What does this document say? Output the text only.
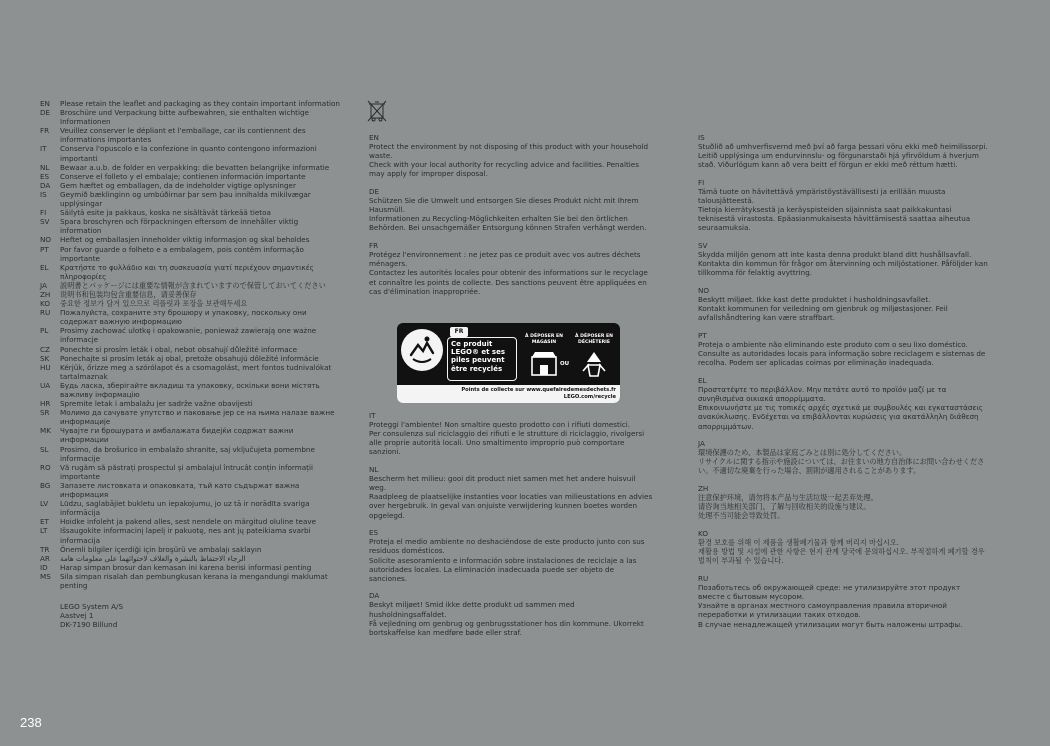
EN	Please retain the leaflet and packaging as they contain important information
DE	Broschüre und Verpackung bitte aufbewahren, sie enthalten wichtige Informationen
FR	Veuillez conserver le dépliant et l'emballage, car ils contiennent des informations importantes
IT	Conserva l'opuscolo e la confezione in quanto contengono informazioni importanti
NL	Bewaar a.u.b. de folder en verpakking: die bevatten belangrijke informatie
ES	Conserve el folleto y el embalaje; contienen información importante
DA	Gem hæftet og emballagen, da de indeholder vigtige oplysninger
IS	Geymið bæklinginn og umbúðirnar þar sem þau innihalda mikilvægar upplýsingar
FI	Säilytä esite ja pakkaus, koska ne sisältävät tärkeää tietoa
SV	Spara broschyren och förpackningen eftersom de innehåller viktig information
NO	Heftet og emballasjen inneholder viktig informasjon og skal beholdes
PT	Por favor guarde o folheto e a embalagem, pois contêm informação importante
EL	Κρατήστε το φυλλάδιο και τη συσκευασία γιατί περιέχουν σημαντικές πληροφορίες
JA	説明書とパッケージには重要な情報が含まれていますので保管しておいてください
ZH	说明书和包装均包含重要信息，请妥善保存
KO	중요한 정보가 담겨 있으므로 리플릿과 포장을 보관해두세요
RU	Пожалуйста, сохраните эту брошюру и упаковку, поскольку они содержат важную информацию
PL	Prosimy zachować ulotkę i opakowanie, ponieważ zawierają one ważne informacje
CZ	Ponechte si prosím leták i obal, nebot obsahují důležité informace
SK	Ponechajte si prosím leták aj obal, pretože obsahujú dôležité informácie
HU	Kérjük, őrizze meg a szórólapot és a csomagolást, mert fontos tudnivalókat tartalmaznak
UA	Будь ласка, зберігайте вкладиш та упаковку, оскільки вони містять важливу інформацію
HR	Spremite letak i ambalažu jer sadrže važne obavijesti
SR	Молимо да сачувате упутство и паковање јер се на њима налазе важне информације
MK	Чувајте ги брошурата и амбалажата бидејќи содржат важни информации
SL	Prosimo, da brošurico in embalažo shranite, saj vključujeta pomembne informacije
RO	Vă rugăm să păstrați prospectul și ambalajul întrucât conțin informații importante
BG	Запазете листовката и опаковката, тъй като съдържат важна информация
LV	Lūdzu, saglabājiet bukletu un iepakojumu, jo uz tā ir norādīta svariga informācija
ET	Hoidke infoleht ja pakend alles, sest nendele on märgitud oluline teave
LT	Išsaugokite informacinį lapelį ir pakuotę, nes ant jų pateikiama svarbi informacija
TR	Önemli bilgiler içerdiği için broşürü ve ambalajı saklayın
AR	الرجاء الاحتفاظ بالنشرة والغلاف لاحتوائهما على معلومات هامة
ID	Harap simpan brosur dan kemasan ini karena berisi informasi penting
MS	Sila simpan risalah dan pembungkusan kerana ia mengandungi maklumat penting
LEGO System A/S
Aastvej 1
DK-7190 Billund
EN
Protect the environment by not disposing of this product with your household waste.
Check with your local authority for recycling advice and facilities. Penalties may apply for improper disposal.
DE
Schützen Sie die Umwelt und entsorgen Sie dieses Produkt nicht mit Ihrem Hausmüll.
Informationen zu Recycling-Möglichkeiten erhalten Sie bei den örtlichen Behörden. Bei unsachgemäßer Entsorgung können Strafen verhängt werden.
FR
Protégez l'environnement : ne jetez pas ce produit avec vos autres déchets ménagers.
Contactez les autorités locales pour obtenir des informations sur le recyclage et connaître les points de collecte. Des sanctions peuvent être appliquées en cas d'élimination inappropriée.
IT
Proteggi l'ambiente! Non smaltire questo prodotto con i rifiuti domestici.
Per consulenza sul riciclaggio dei rifiuti e le strutture di riciclaggio, rivolgersi alle proprie autorità locali. Uno smaltimento improprio può comportare sanzioni.
NL
Bescherm het milieu: gooi dit product niet samen met het andere huisvuil weg.
Raadpleeg de plaatselijke instanties voor locaties van milieustations en advies over hergebruik. In geval van onjuiste verwijdering kunnen boetes worden opgelegd.
ES
Proteja el medio ambiente no deshaciéndose de este producto junto con sus residuos domésticos.
Solicite asesoramiento e información sobre instalaciones de reciclaje a las autoridades locales. La eliminación inadecuada puede ser objeto de sanciones.
DA
Beskyt miljøet! Smid ikke dette produkt ud sammen med husholdningsaffaldet.
Få vejledning om genbrug og genbrugsstationer hos din kommune. Ukorrekt bortskaffelse kan medføre bøde eller straf.
FR
Ce produit LEGO® et ses piles peuvent être recyclés
À DÉPOSER EN MAGASIN
À DÉPOSER EN DÉCHÈTERIE
OU
Points de collecte sur www.quefairedemesdechets.fr
LEGO.com/recycle
IS
Stuðlið að umhverfisvernd með því að farga þessari vöru ekki með heimilissorpi.
Leitið upplýsinga um endurvinnslu- og förgunarstaði hjá yfirvöldum á hverjum stað. Viðurlögum kann að vera beitt ef förgun er ekki með réttum hætti.
FI
Tämä tuote on hävitettävä ympäristöystävällisesti ja erillään muusta talousjätteestä.
Tietoja kierrätyksestä ja keräyspisteiden sijainnista saat paikkakuntasi teknisestä virastosta. Epäasianmukaisesta hävittämisestä saattaa aiheutua seuraamuksia.
SV
Skydda miljön genom att inte kasta denna produkt bland ditt hushållsavfall.
Kontakta din kommun för frågor om återvinning och miljöstationer. Påföljder kan tillkomma för felaktig avyttring.
NO
Beskytt miljøet. Ikke kast dette produktet i husholdningsavfallet.
Kontakt kommunen for veiledning om gjenbruk og miljøstasjoner. Feil avfallshåndtering kan være straffbart.
PT
Proteja o ambiente não eliminando este produto com o seu lixo doméstico.
Consulte as autoridades locais para informação sobre reciclagem e sistemas de recolha. Podem ser aplicadas coimas por eliminação inadequada.
EL
Προστατέψτε το περιβάλλον. Μην πετάτε αυτό το προϊόν μαζί με τα συνηθισμένα οικιακά απορρίμματα.
Επικοινωνήστε με τις τοπικές αρχές σχετικά με συμβουλές και εγκαταστάσεις ανακύκλωσης. Ενδέχεται να επιβάλλονται κυρώσεις για ακατάλληλη διάθεση απορριμμάτων.
JA
環境保護のため、本製品は家庭ごみとは別に処分してください。
リサイクルに関する指示や施設については、お住まいの地方自治体にお問い合わせください。不適切な廃棄を行った場合、罰則が適用されることがあります。
ZH
注意保护环境，请勿将本产品与生活垃圾一起丢弃处理。
请咨询当地相关部门，了解与回收相关的设施与建议。
处理不当可能会导致处罚。
KO
환경 보호를 위해 이 제품을 생활폐기물과 함께 버리지 마십시오.
재활용 방법 및 시설에 관한 사항은 현지 관계 당국에 문의하십시오. 부적절하게 폐기할 경우 벌칙이 부과될 수 있습니다.
RU
Позаботьтесь об окружающей среде: не утилизируйте этот продукт вместе с бытовым мусором.
Узнайте в органах местного самоуправления правила вторичной переработки и утилизации таких отходов.
В случае ненадлежащей утилизации могут быть наложены штрафы.
238
